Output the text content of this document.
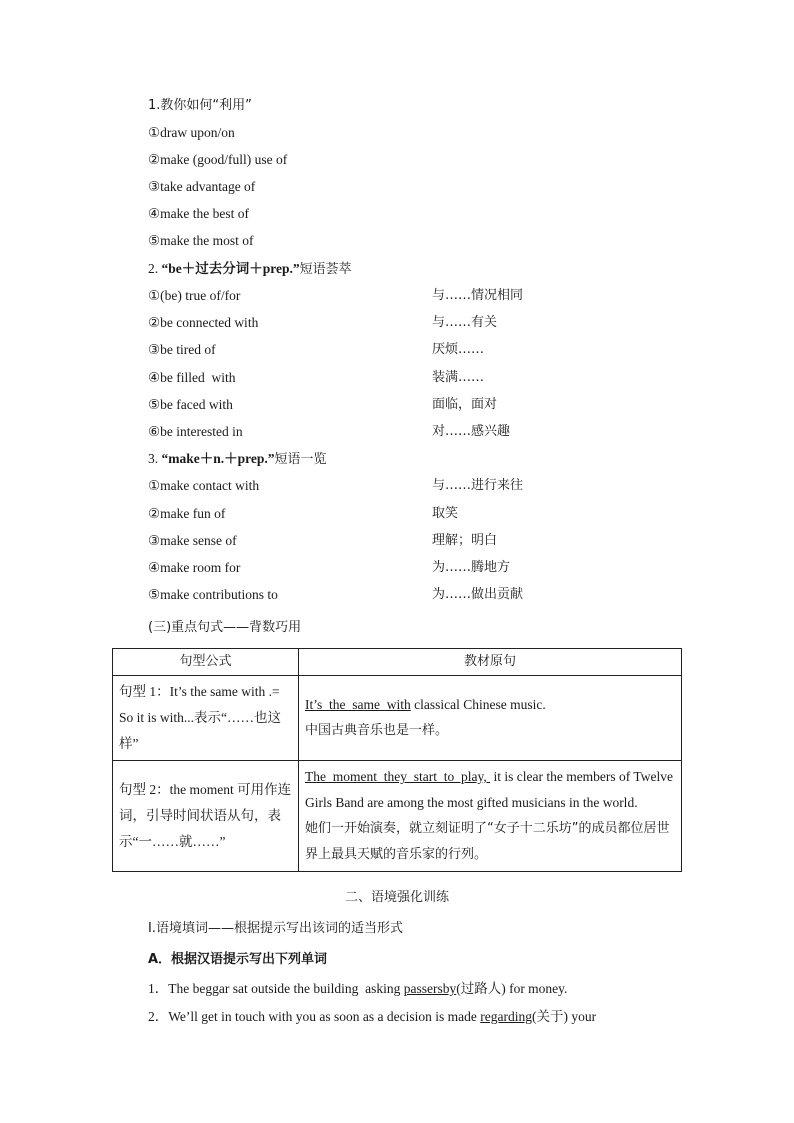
1.教你如何“利用”
①draw upon/on
②make (good/full) use of
③take advantage of
④make the best of
⑤make the most of
2. “be＋过去分词＋prep.”短语荟萃
①(be) true of/for	与……情况相同
②be connected with	与……有关
③be tired of	厌烦……
④be filled  with	装满……
⑤be faced with	面临，面对
⑥be interested in	对……感兴趣
3. “make＋n.＋prep.”短语一览
①make contact with	与……进行来往
②make fun of	取笑
③make sense of	理解；明白
④make room for	为……腾地方
⑤make contributions to	为……做出贡献
(三)重点句式——背数巧用
句型公式	教材原句

句型 1：It’s the same with .= So it is with...表示“……也这样”	It’s  the  same  with classical Chinese music.
中国古典音乐也是一样。

句型 2：the moment 可用作连词，引导时间状语从句，表示“一……就……”	The  moment  they  start  to  play,  it is clear the members of Twelve Girls Band are among the most gifted musicians in the world.
她们一开始演奏，就立刻证明了“女子十二乐坊”的成员都位居世界上最具天赋的音乐家的行列。
二、语境强化训练
Ⅰ.语境填词——根据提示写出该词的适当形式
A．根据汉语提示写出下列单词
1．The beggar sat outside the building  asking passersby(过路人) for money.
2．We’ll get in touch with you as soon as a decision is made regarding(关于) your
